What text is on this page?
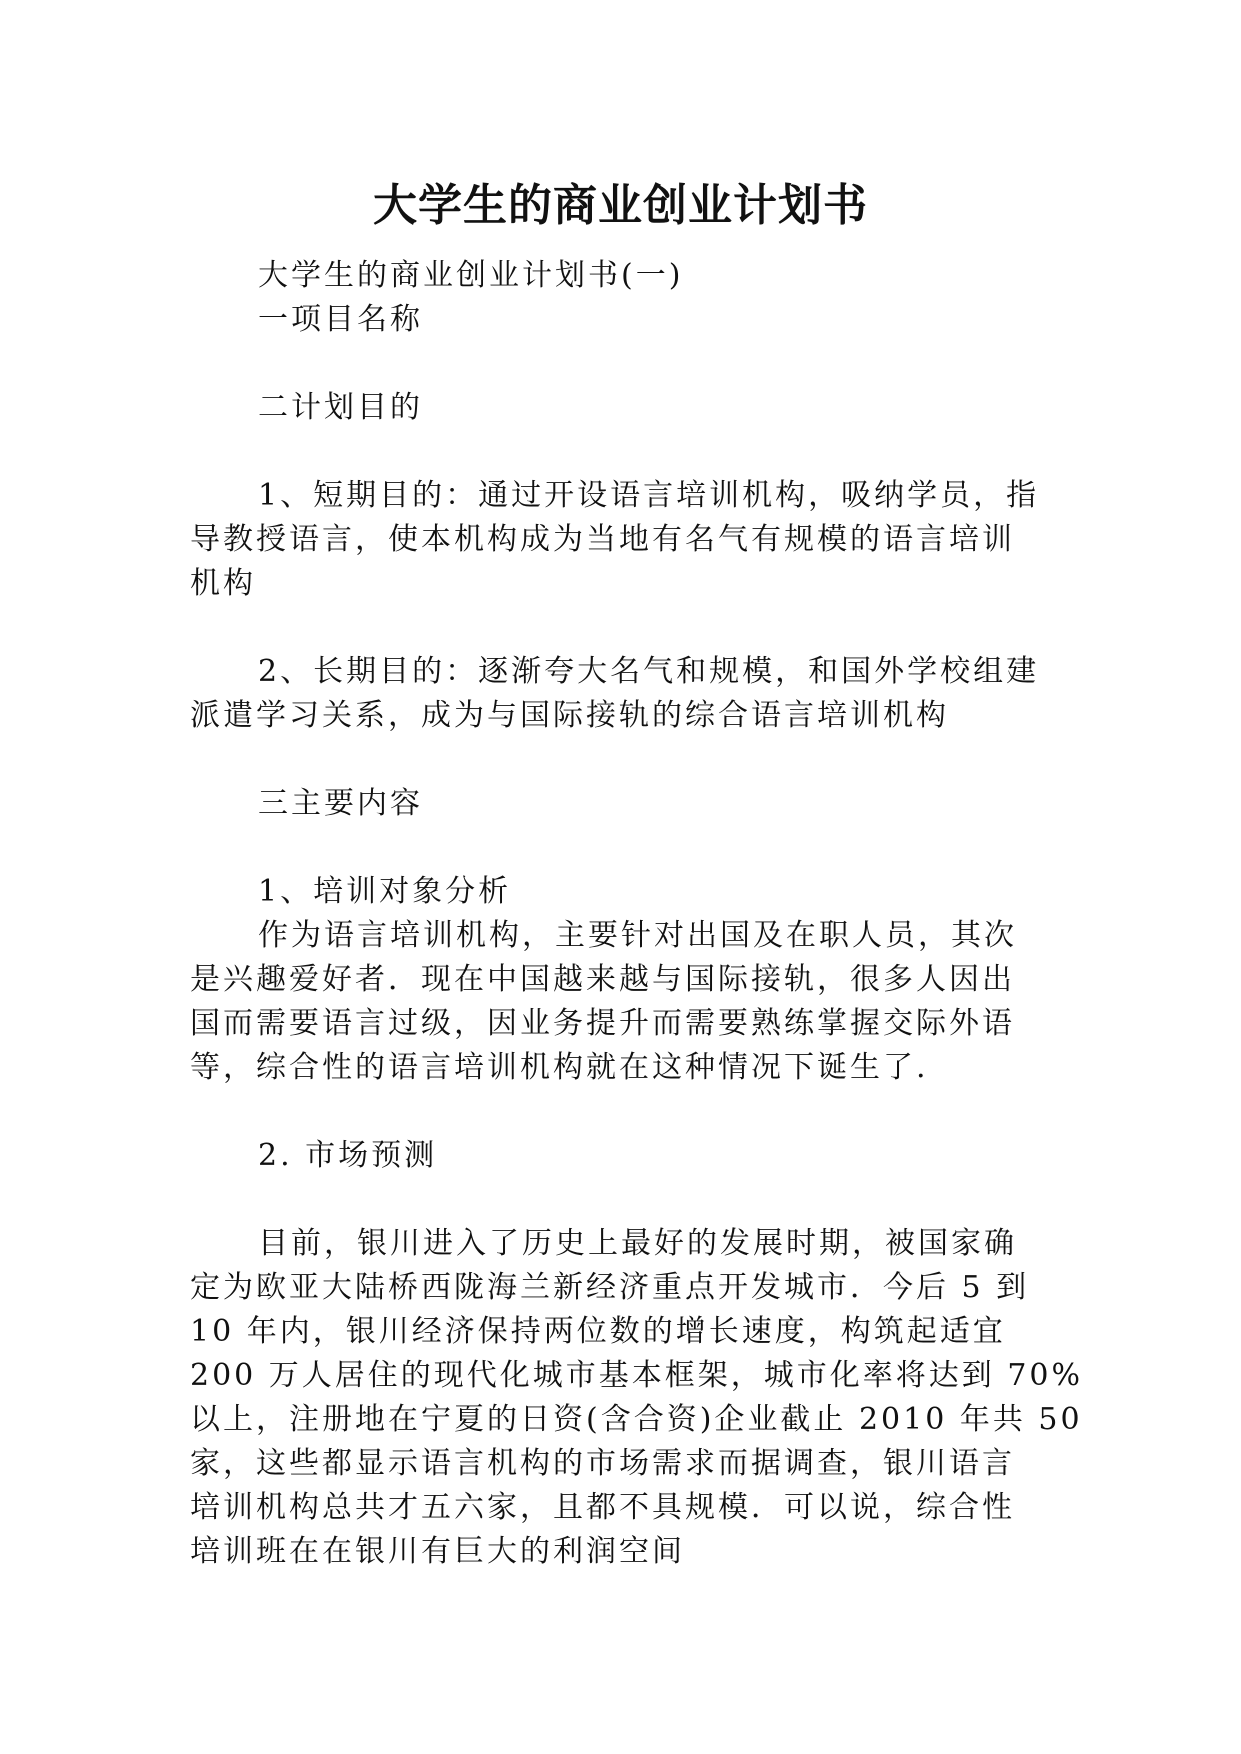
大学生的商业创业计划书
大学生的商业创业计划书(一)
一项目名称
二计划目的
1、短期目的：通过开设语言培训机构，吸纳学员，指
导教授语言，使本机构成为当地有名气有规模的语言培训
机构
2、长期目的：逐渐夸大名气和规模，和国外学校组建
派遣学习关系，成为与国际接轨的综合语言培训机构
三主要内容
1、培训对象分析
作为语言培训机构，主要针对出国及在职人员，其次
是兴趣爱好者．现在中国越来越与国际接轨，很多人因出
国而需要语言过级，因业务提升而需要熟练掌握交际外语
等，综合性的语言培训机构就在这种情况下诞生了.
2. 市场预测
目前，银川进入了历史上最好的发展时期，被国家确
定为欧亚大陆桥西陇海兰新经济重点开发城市．今后 5 到
10 年内，银川经济保持两位数的增长速度，构筑起适宜
200 万人居住的现代化城市基本框架，城市化率将达到 70%
以上，注册地在宁夏的日资(含合资)企业截止 2010 年共 50
家，这些都显示语言机构的市场需求而据调查，银川语言
培训机构总共才五六家，且都不具规模．可以说，综合性
培训班在在银川有巨大的利润空间
